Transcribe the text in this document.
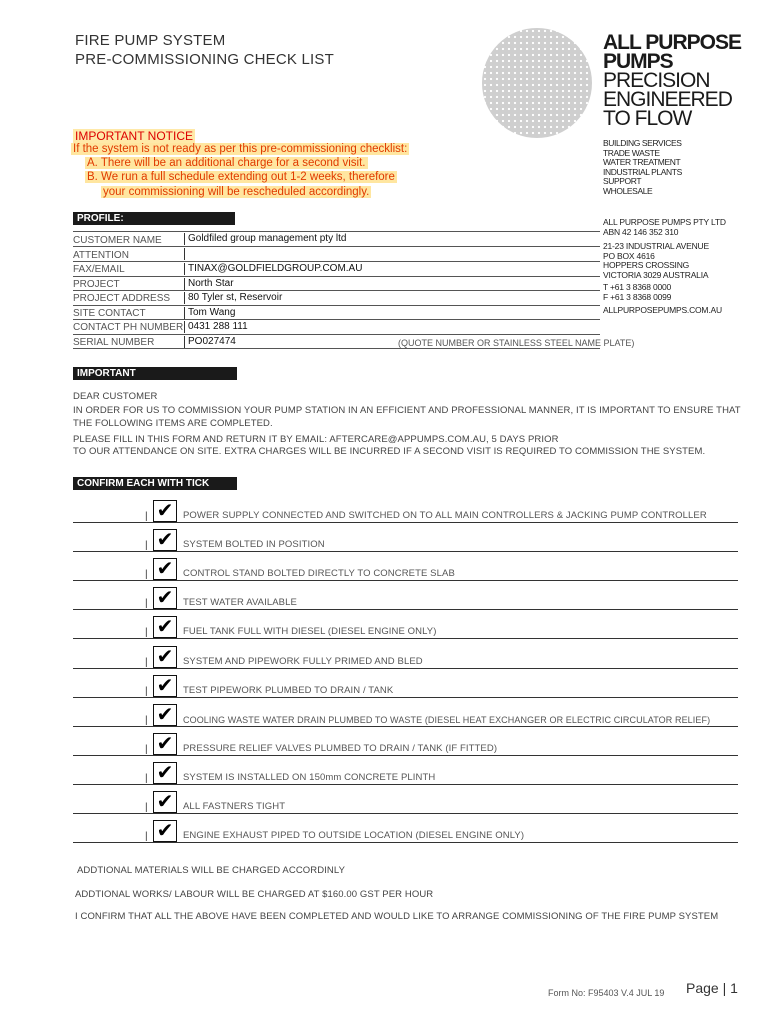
FIRE PUMP SYSTEM
PRE-COMMISSIONING CHECK LIST
ALL PURPOSE
PUMPS
PRECISION
ENGINEERED
TO FLOW
BUILDING SERVICES
TRADE WASTE
WATER TREATMENT
INDUSTRIAL PLANTS
SUPPORT
WHOLESALE
ALL PURPOSE PUMPS PTY LTD
ABN 42 146 352 310
21-23 INDUSTRIAL AVENUE
PO BOX 4616
HOPPERS CROSSING
VICTORIA 3029 AUSTRALIA
T +61 3 8368 0000
F +61 3 8368 0099
ALLPURPOSEPUMPS.COM.AU
IMPORTANT NOTICE
If the system is not ready as per this pre-commissioning checklist:
A. There will be an additional charge for a second visit.
B. We run a full schedule extending out 1-2 weeks, therefore
your commissioning will be rescheduled accordingly.
PROFILE:
CUSTOMER NAME	Goldfiled group management pty ltd
ATTENTION
FAX/EMAIL	TINAX@GOLDFIELDGROUP.COM.AU
PROJECT	North Star
PROJECT ADDRESS	80 Tyler st, Reservoir
SITE CONTACT	Tom Wang
CONTACT PH NUMBER 0431 288 111
SERIAL NUMBER	PO027474	(QUOTE NUMBER OR STAINLESS STEEL NAME PLATE)
IMPORTANT
DEAR CUSTOMER
IN ORDER FOR US TO COMMISSION YOUR PUMP STATION IN AN EFFICIENT AND PROFESSIONAL MANNER, IT IS IMPORTANT TO ENSURE THAT
THE FOLLOWING ITEMS ARE COMPLETED.
PLEASE FILL IN THIS FORM AND RETURN IT BY EMAIL: AFTERCARE@APPUMPS.COM.AU, 5 DAYS PRIOR
TO OUR ATTENDANCE ON SITE. EXTRA CHARGES WILL BE INCURRED IF A SECOND VISIT IS REQUIRED TO COMMISSION THE SYSTEM.
CONFIRM EACH WITH TICK
| ✔	POWER SUPPLY CONNECTED AND SWITCHED ON TO ALL MAIN CONTROLLERS & JACKING PUMP CONTROLLER
| ✔	SYSTEM BOLTED IN POSITION
| ✔	CONTROL STAND BOLTED DIRECTLY TO CONCRETE SLAB
| ✔	TEST WATER AVAILABLE
| ✔	FUEL TANK FULL WITH DIESEL (DIESEL ENGINE ONLY)
| ✔	SYSTEM AND PIPEWORK FULLY PRIMED AND BLED
| ✔	TEST PIPEWORK PLUMBED TO DRAIN / TANK
| ✔	COOLING WASTE WATER DRAIN PLUMBED TO WASTE (DIESEL HEAT EXCHANGER OR ELECTRIC CIRCULATOR RELIEF)
| ✔	PRESSURE RELIEF VALVES PLUMBED TO DRAIN / TANK (IF FITTED)
| ✔	SYSTEM IS INSTALLED ON 150mm CONCRETE PLINTH
| ✔	ALL FASTNERS TIGHT
| ✔	ENGINE EXHAUST PIPED TO OUTSIDE LOCATION (DIESEL ENGINE ONLY)
ADDTIONAL MATERIALS WILL BE CHARGED ACCORDINLY
ADDTIONAL WORKS/ LABOUR WILL BE CHARGED AT $160.00 GST PER HOUR
I CONFIRM THAT ALL THE ABOVE HAVE BEEN COMPLETED AND WOULD LIKE TO ARRANGE COMMISSIONING OF THE FIRE PUMP SYSTEM
Form No: F95403 V.4 JUL 19 Page | 1
